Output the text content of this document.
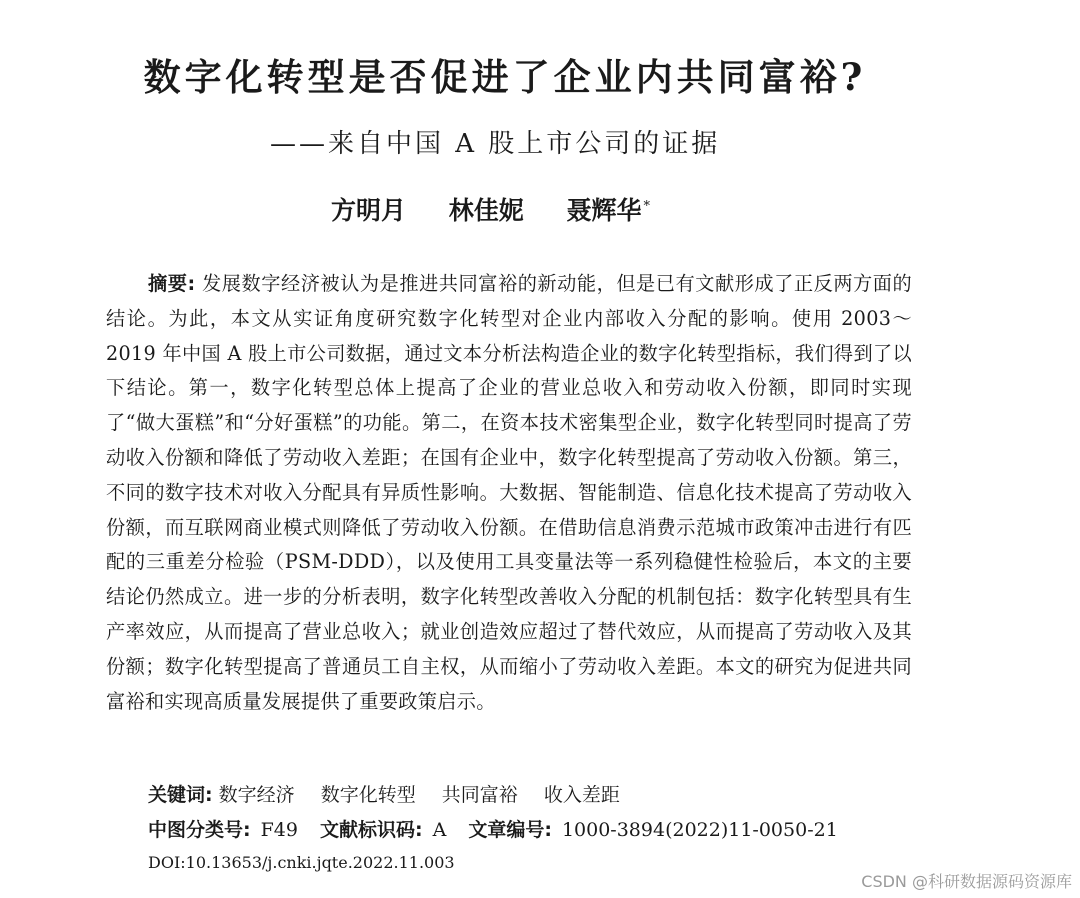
数字化转型是否促进了企业内共同富裕?
——来自中国 A 股上市公司的证据
方明月 林佳妮 聂辉华 *
摘要: 发展数字经济被认为是推进共同富裕的新动能，但是已有文献形成了正反两方面的结论。为此，本文从实证角度研究数字化转型对企业内部收入分配的影响。使用 2003～2019 年中国 A 股上市公司数据，通过文本分析法构造企业的数字化转型指标，我们得到了以下结论。第一，数字化转型总体上提高了企业的营业总收入和劳动收入份额，即同时实现了“做大蛋糕”和“分好蛋糕”的功能。第二，在资本技术密集型企业，数字化转型同时提高了劳动收入份额和降低了劳动收入差距；在国有企业中，数字化转型提高了劳动收入份额。第三，不同的数字技术对收入分配具有异质性影响。大数据、智能制造、信息化技术提高了劳动收入份额，而互联网商业模式则降低了劳动收入份额。在借助信息消费示范城市政策冲击进行有匹配的三重差分检验（PSM-DDD），以及使用工具变量法等一系列稳健性检验后，本文的主要结论仍然成立。进一步的分析表明，数字化转型改善收入分配的机制包括：数字化转型具有生产率效应，从而提高了营业总收入；就业创造效应超过了替代效应，从而提高了劳动收入及其份额；数字化转型提高了普通员工自主权，从而缩小了劳动收入差距。本文的研究为促进共同富裕和实现高质量发展提供了重要政策启示。
关键词: 数字经济 数字化转型 共同富裕 收入差距
中图分类号: F49 文献标识码: A 文章编号: 1000-3894(2022)11-0050-21
DOI:10.13653/j.cnki.jqte.2022.11.003
CSDN @科研数据源码资源库
